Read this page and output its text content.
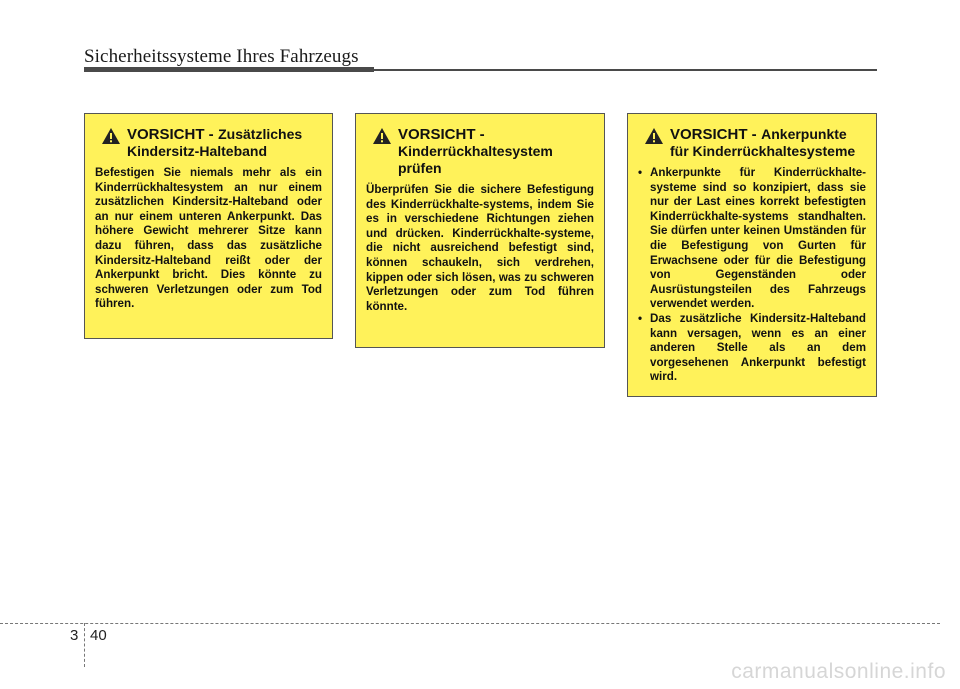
Sicherheitssysteme Ihres Fahrzeugs
VORSICHT - Zusätzliches
Kindersitz-Halteband
Befestigen Sie niemals mehr als ein Kinderrückhaltesystem an nur einem zusätzlichen Kindersitz-Halteband oder an nur einem unteren Ankerpunkt. Das höhere Gewicht mehrerer Sitze kann dazu führen, dass das zusätzliche Kindersitz-Halteband reißt oder der Ankerpunkt bricht. Dies könnte zu schweren Verletzungen oder zum Tod führen.
VORSICHT -
Kinderrückhaltesystem
prüfen
Überprüfen Sie die sichere Befestigung des Kinderrückhalte-systems, indem Sie es in verschiedene Richtungen ziehen und drücken. Kinderrückhalte-systeme, die nicht ausreichend befestigt sind, können schaukeln, sich verdrehen, kippen oder sich lösen, was zu schweren Verletzungen oder zum Tod führen könnte.
VORSICHT - Ankerpunkte
für Kinderrückhaltesysteme
• Ankerpunkte für Kinderrückhalte-systeme sind so konzipiert, dass sie nur der Last eines korrekt befestigten Kinderrückhalte-systems standhalten. Sie dürfen unter keinen Umständen für die Befestigung von Gurten für Erwachsene oder für die Befestigung von Gegenständen oder Ausrüstungsteilen des Fahrzeugs verwendet werden.
• Das zusätzliche Kindersitz-Halteband kann versagen, wenn es an einer anderen Stelle als an dem vorgesehenen Ankerpunkt befestigt wird.
3 40
carmanualsonline.info
